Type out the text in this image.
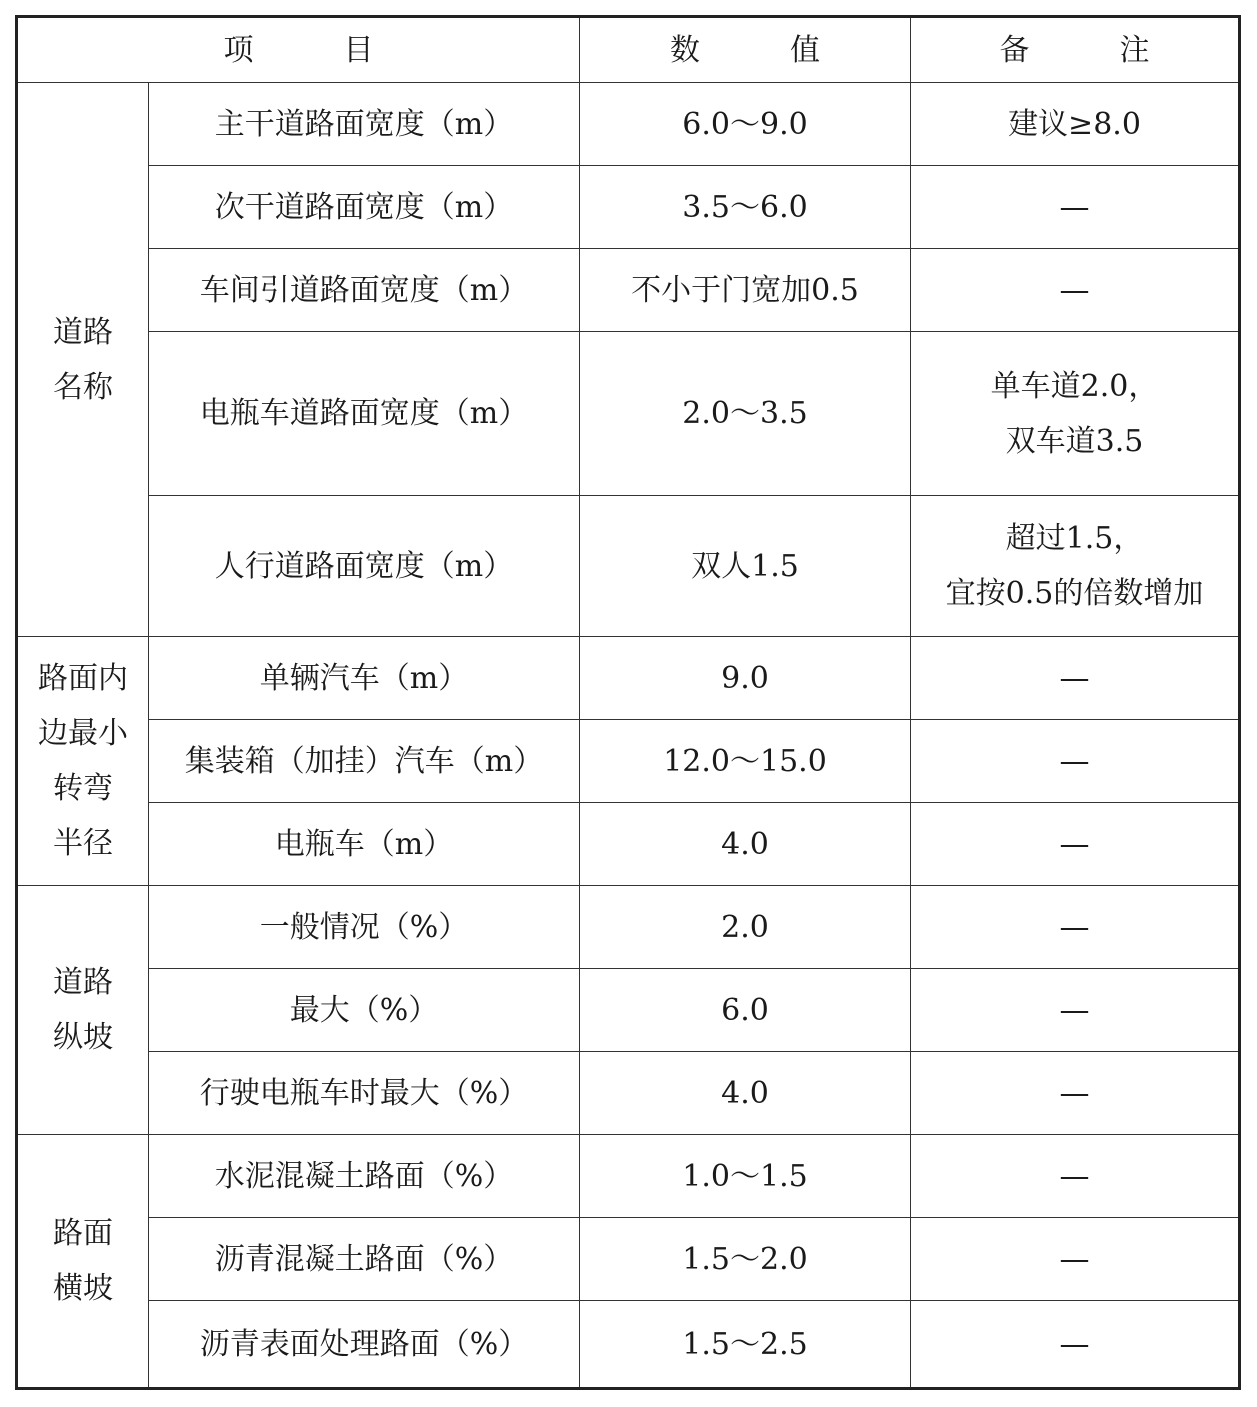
项 目		数 值	备 注

道路
名称	主干道路面宽度（m）	6.0～9.0	建议≥8.0

	次干道路面宽度（m）	3.5～6.0	—

	车间引道路面宽度（m）	不小于门宽加0.5	—

	电瓶车道路面宽度（m）	2.0～3.5	单车道2.0，
双车道3.5

	人行道路面宽度（m）	双人1.5	超过1.5，
宜按0.5的倍数增加

路面内
边最小
转弯
半径	单辆汽车（m）	9.0	—

	集装箱（加挂）汽车（m）	12.0～15.0	—

	电瓶车（m）	4.0	—

道路
纵坡	一般情况（%）	2.0	—

	最大（%）	6.0	—

	行驶电瓶车时最大（%）	4.0	—

路面
横坡	水泥混凝土路面（%）	1.0～1.5	—

	沥青混凝土路面（%）	1.5～2.0	—

	沥青表面处理路面（%）	1.5～2.5	—
